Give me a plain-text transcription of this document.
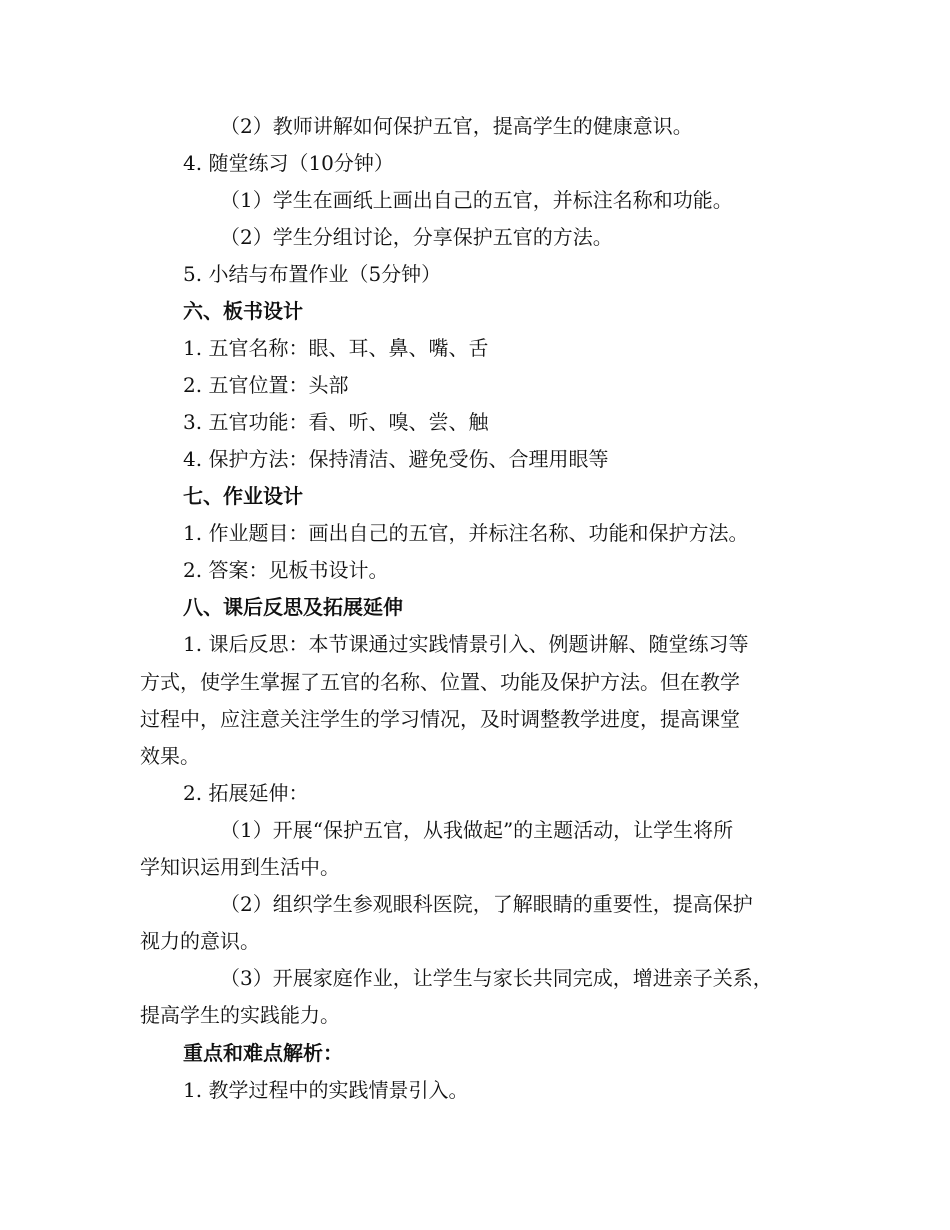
（2）教师讲解如何保护五官，提高学生的健康意识。
4. 随堂练习（10分钟）
（1）学生在画纸上画出自己的五官，并标注名称和功能。
（2）学生分组讨论，分享保护五官的方法。
5. 小结与布置作业（5分钟）
六、板书设计
1. 五官名称：眼、耳、鼻、嘴、舌
2. 五官位置：头部
3. 五官功能：看、听、嗅、尝、触
4. 保护方法：保持清洁、避免受伤、合理用眼等
七、作业设计
1. 作业题目：画出自己的五官，并标注名称、功能和保护方法。
2. 答案：见板书设计。
八、课后反思及拓展延伸
1. 课后反思：本节课通过实践情景引入、例题讲解、随堂练习等
方式，使学生掌握了五官的名称、位置、功能及保护方法。但在教学
过程中，应注意关注学生的学习情况，及时调整教学进度，提高课堂
效果。
2. 拓展延伸：
（1）开展“保护五官，从我做起”的主题活动，让学生将所
学知识运用到生活中。
（2）组织学生参观眼科医院，了解眼睛的重要性，提高保护
视力的意识。
（3）开展家庭作业，让学生与家长共同完成，增进亲子关系，
提高学生的实践能力。
重点和难点解析：
1. 教学过程中的实践情景引入。
